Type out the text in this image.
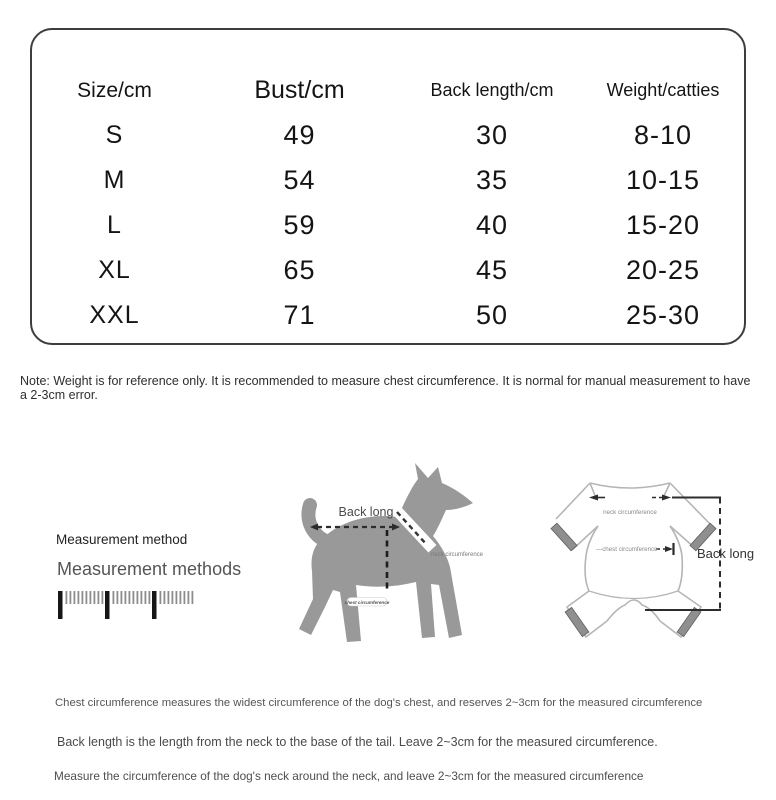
Size/cm	Bust/cm	Back length/cm	Weight/catties
S	49	30	8-10
M	54	35	10-15
L	59	40	15-20
XL	65	45	20-25
XXL	71	50	25-30
Note: Weight is for reference only. It is recommended to measure chest circumference. It is normal for manual measurement to have a 2-3cm error.
Measurement method
Measurement methods
Back long
neck circumference
chest circumference
neck circumference
—chest circumference	Back long
Chest circumference measures the widest circumference of the dog's chest, and reserves 2~3cm for the measured circumference
Back length is the length from the neck to the base of the tail. Leave 2~3cm for the measured circumference.
Measure the circumference of the dog's neck around the neck, and leave 2~3cm for the measured circumference
